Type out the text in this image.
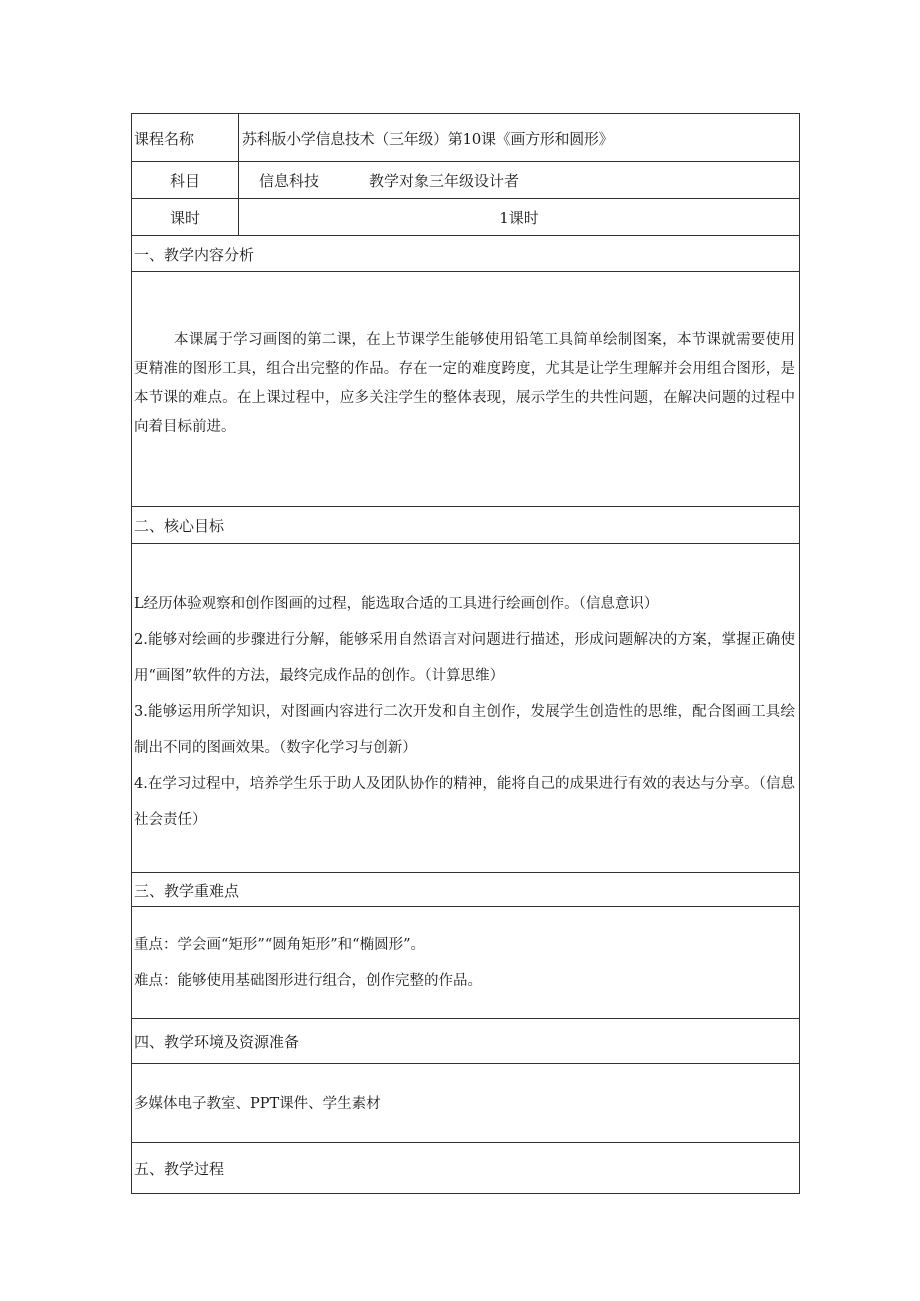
课程名称	苏科版小学信息技术（三年级）第10课《画方形和圆形》
科目	信息科技	教学对象三年级设计者
课时	1课时
一、教学内容分析
本课属于学习画图的第二课，在上节课学生能够使用铅笔工具简单绘制图案，本节课就需要使用更精准的图形工具，组合出完整的作品。存在一定的难度跨度，尤其是让学生理解并会用组合图形，是本节课的难点。在上课过程中，应多关注学生的整体表现，展示学生的共性问题，在解决问题的过程中向着目标前进。
二、核心目标
L经历体验观察和创作图画的过程，能选取合适的工具进行绘画创作。（信息意识）
2.能够对绘画的步骤进行分解，能够采用自然语言对问题进行描述，形成问题解决的方案，掌握正确使用“画图”软件的方法，最终完成作品的创作。（计算思维）
3.能够运用所学知识，对图画内容进行二次开发和自主创作，发展学生创造性的思维，配合图画工具绘制出不同的图画效果。（数字化学习与创新）
4.在学习过程中，培养学生乐于助人及团队协作的精神，能将自己的成果进行有效的表达与分享。（信息社会责任）
三、教学重难点
重点：学会画“矩形”“圆角矩形”和“椭圆形”。
难点：能够使用基础图形进行组合，创作完整的作品。
四、教学环境及资源准备
多媒体电子教室、PPT课件、学生素材
五、教学过程
